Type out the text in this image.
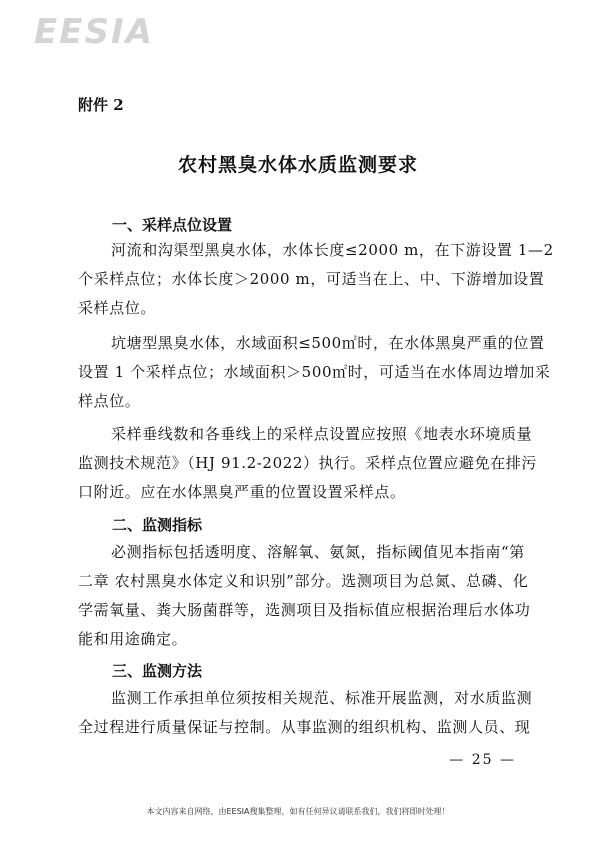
EESIA
附件 2
农村黑臭水体水质监测要求
一、采样点位设置
河流和沟渠型黑臭水体，水体长度≤2000 m，在下游设置 1—2
个采样点位；水体长度＞2000 m，可适当在上、中、下游增加设置
采样点位。
坑塘型黑臭水体，水域面积≤500㎡时，在水体黑臭严重的位置
设置 1 个采样点位；水域面积＞500㎡时，可适当在水体周边增加采
样点位。
采样垂线数和各垂线上的采样点设置应按照《地表水环境质量
监测技术规范》（HJ 91.2-2022）执行。采样点位置应避免在排污
口附近。应在水体黑臭严重的位置设置采样点。
二、监测指标
必测指标包括透明度、溶解氧、氨氮，指标阈值见本指南“第
二章 农村黑臭水体定义和识别”部分。选测项目为总氮、总磷、化
学需氧量、粪大肠菌群等，选测项目及指标值应根据治理后水体功
能和用途确定。
三、监测方法
监测工作承担单位须按相关规范、标准开展监测，对水质监测
全过程进行质量保证与控制。从事监测的组织机构、监测人员、现
— 25 —
本文内容来自网络，由EESIA搜集整理，如有任何异议请联系我们，我们将即时处理！
